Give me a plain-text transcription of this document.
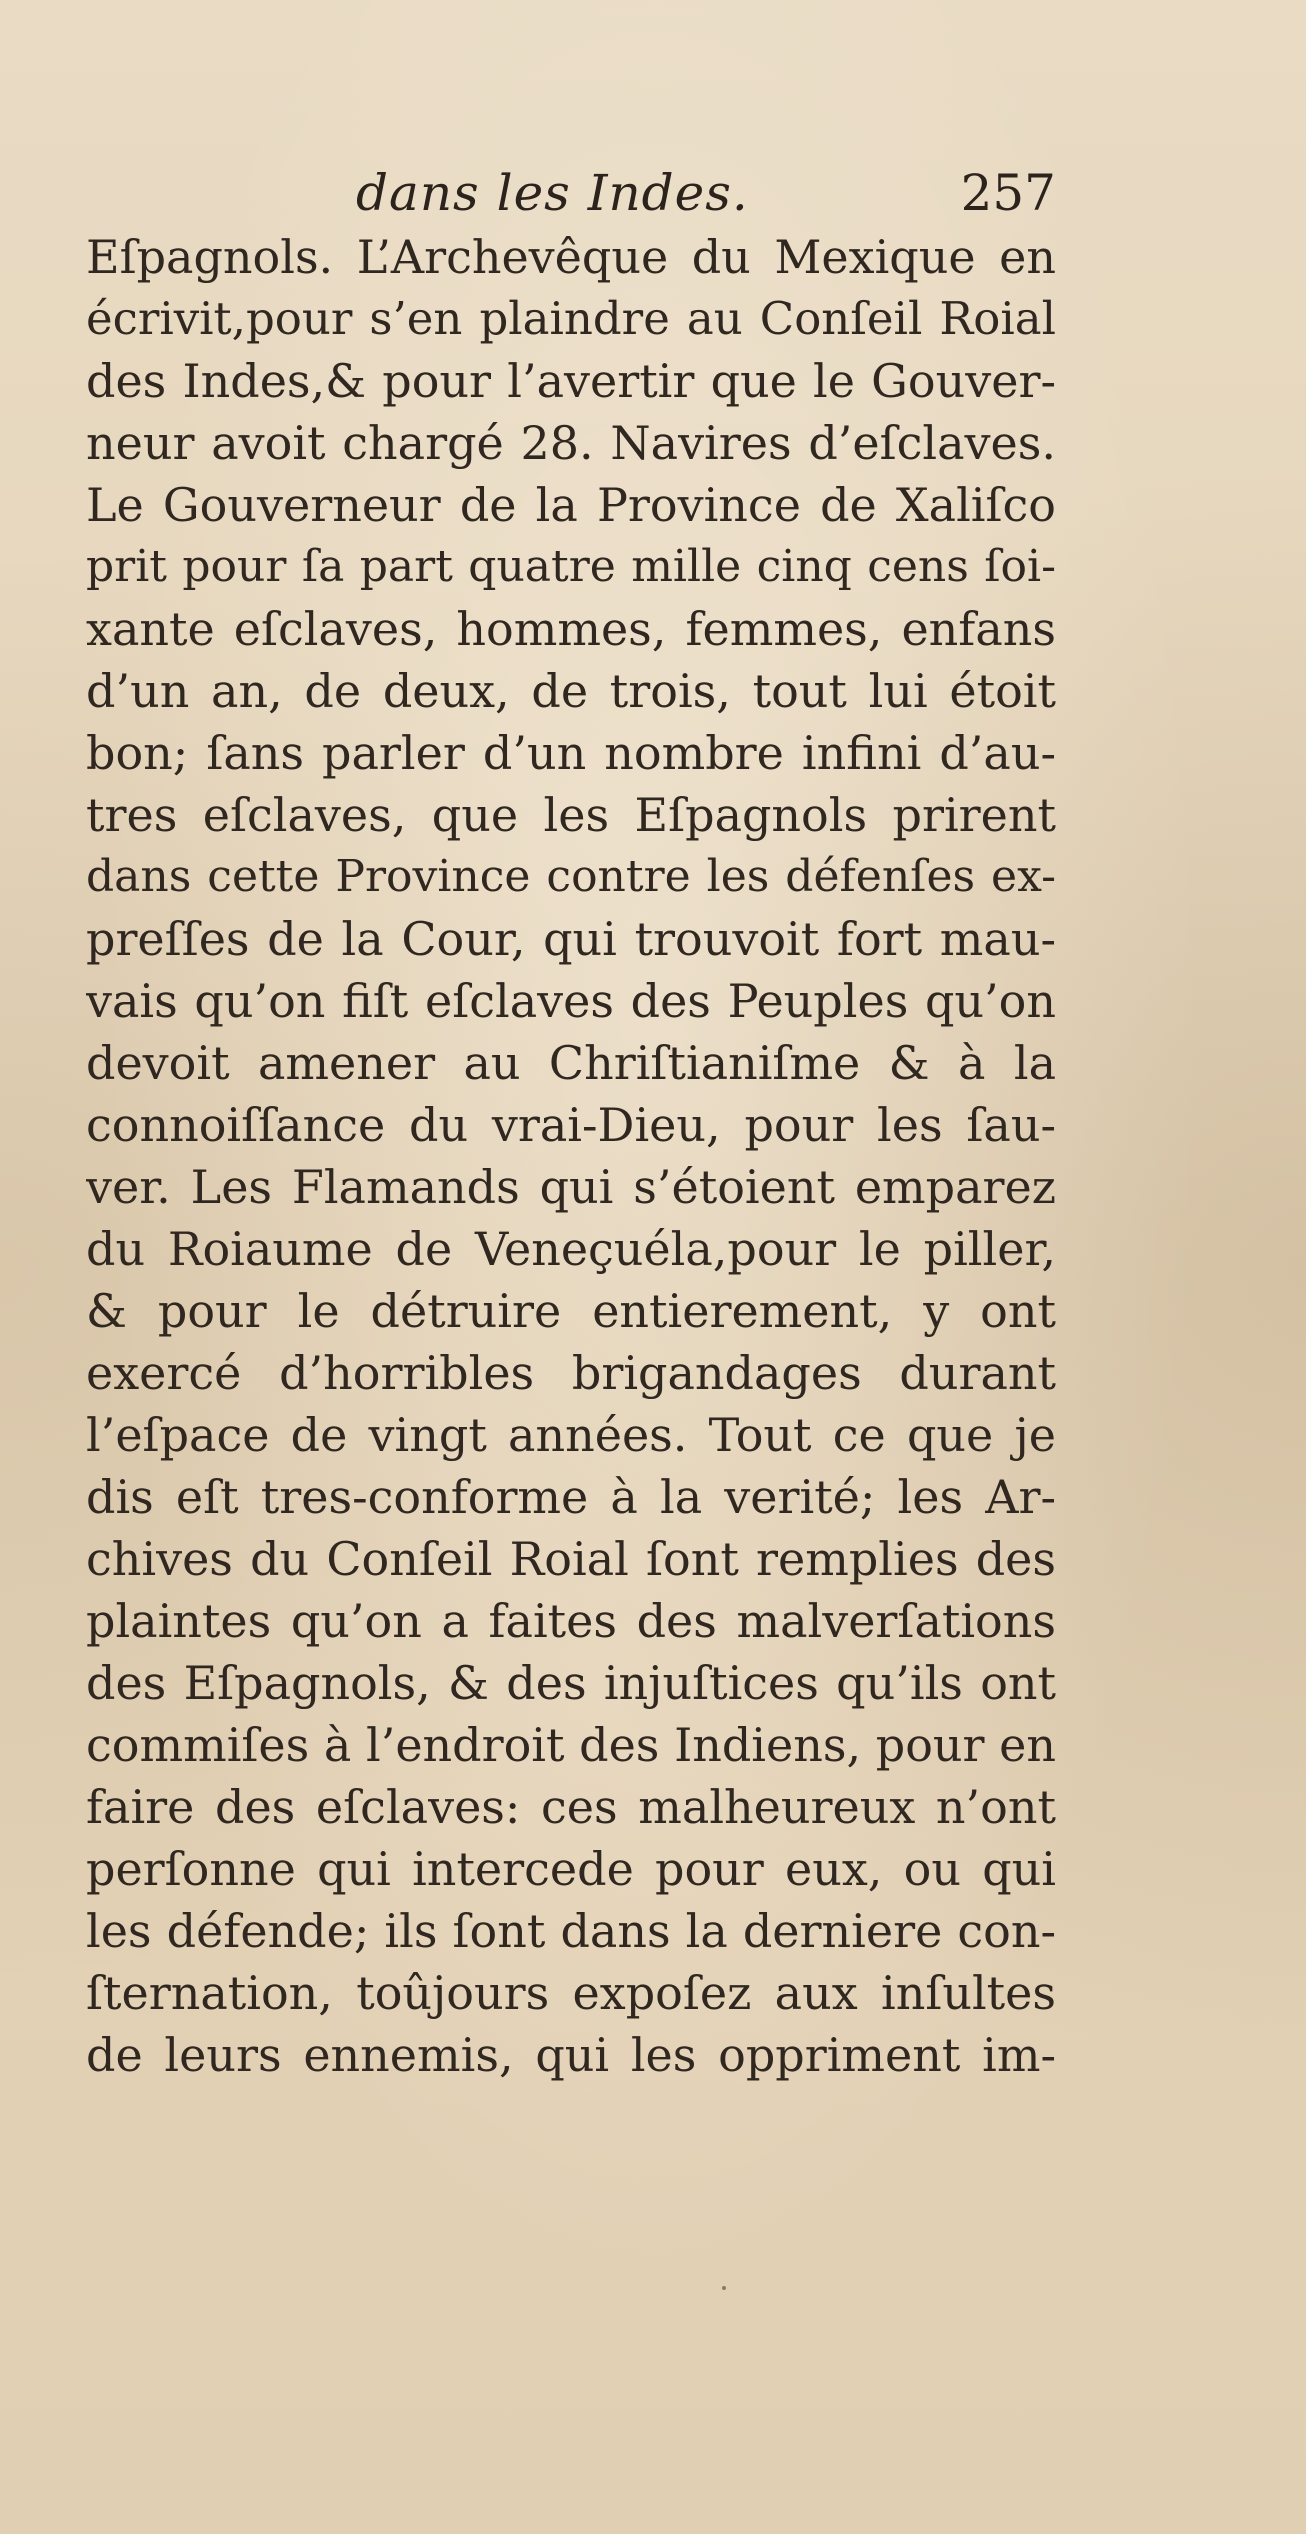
dans les Indes.	257
Eſpagnols. L’Archevêque du Mexique en
écrivit,pour s’en plaindre au Conſeil Roial
des Indes,& pour l’avertir que le Gouver-
neur avoit chargé 28. Navires d’eſclaves.
Le Gouverneur de la Province de Xaliſco
prit pour ſa part quatre mille cinq cens ſoi-
xante eſclaves, hommes, femmes, enfans
d’un an, de deux, de trois, tout lui étoit
bon; ſans parler d’un nombre infini d’au-
tres eſclaves, que les Eſpagnols prirent
dans cette Province contre les défenſes ex-
preſſes de la Cour, qui trouvoit fort mau-
vais qu’on fiſt eſclaves des Peuples qu’on
devoit amener au Chriſtianiſme & à la
connoiſſance du vrai-Dieu, pour les ſau-
ver. Les Flamands qui s’étoient emparez
du Roiaume de Veneçuéla,pour le piller,
& pour le détruire entierement, y ont
exercé d’horribles brigandages durant
l’eſpace de vingt années. Tout ce que je
dis eſt tres-conforme à la verité; les Ar-
chives du Conſeil Roial ſont remplies des
plaintes qu’on a faites des malverſations
des Eſpagnols, & des injuſtices qu’ils ont
commiſes à l’endroit des Indiens, pour en
faire des eſclaves: ces malheureux n’ont
perſonne qui intercede pour eux, ou qui
les défende; ils ſont dans la derniere con-
ſternation, toûjours expoſez aux inſultes
de leurs ennemis, qui les oppriment im-
